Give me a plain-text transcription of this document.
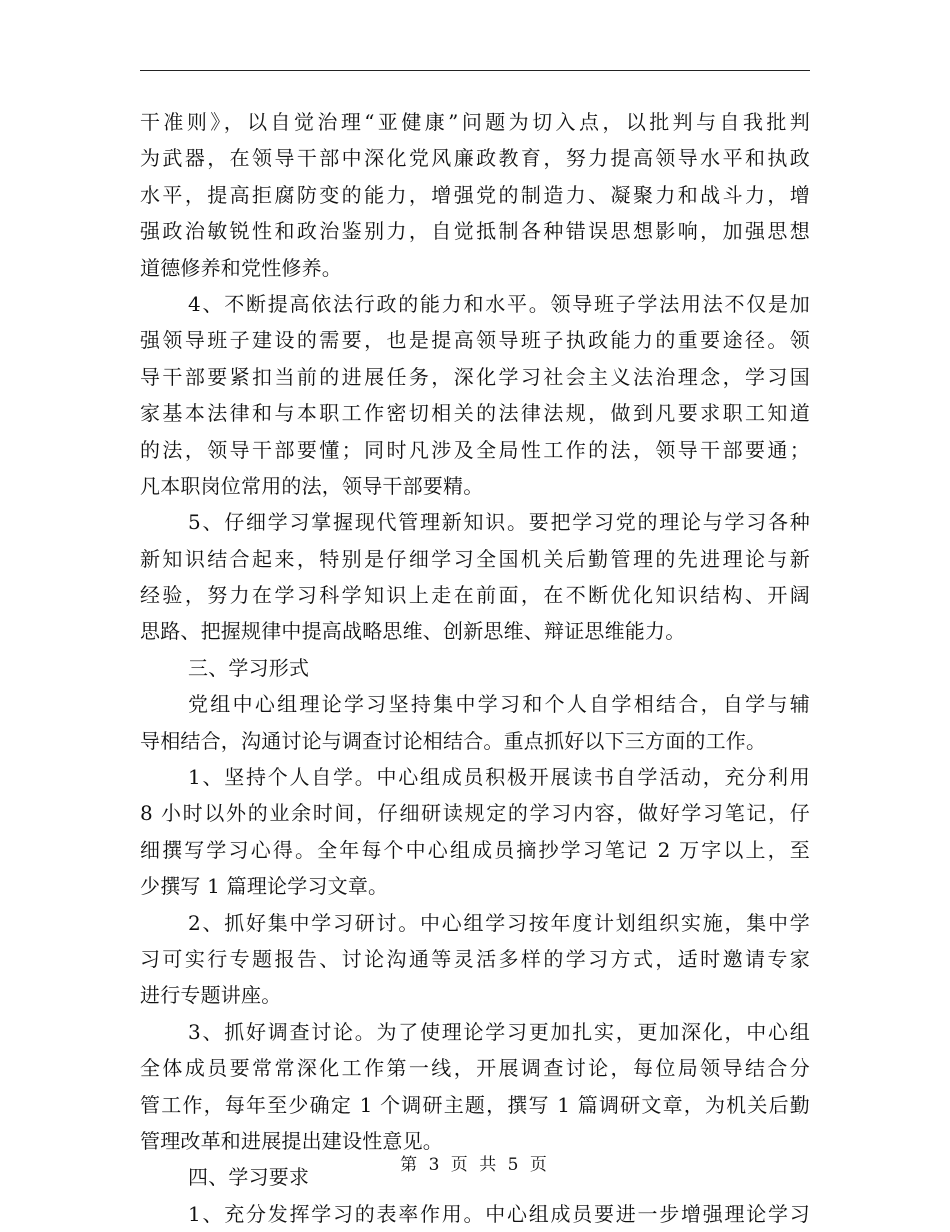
干准则》，以自觉治理“亚健康”问题为切入点，以批判与自我批判
为武器，在领导干部中深化党风廉政教育，努力提高领导水平和执政
水平，提高拒腐防变的能力，增强党的制造力、凝聚力和战斗力，增
强政治敏锐性和政治鉴别力，自觉抵制各种错误思想影响，加强思想
道德修养和党性修养。
4、不断提高依法行政的能力和水平。领导班子学法用法不仅是加
强领导班子建设的需要，也是提高领导班子执政能力的重要途径。领
导干部要紧扣当前的进展任务，深化学习社会主义法治理念，学习国
家基本法律和与本职工作密切相关的法律法规，做到凡要求职工知道
的法，领导干部要懂；同时凡涉及全局性工作的法，领导干部要通；
凡本职岗位常用的法，领导干部要精。
5、仔细学习掌握现代管理新知识。要把学习党的理论与学习各种
新知识结合起来，特别是仔细学习全国机关后勤管理的先进理论与新
经验，努力在学习科学知识上走在前面，在不断优化知识结构、开阔
思路、把握规律中提高战略思维、创新思维、辩证思维能力。
三、学习形式
党组中心组理论学习坚持集中学习和个人自学相结合，自学与辅
导相结合，沟通讨论与调查讨论相结合。重点抓好以下三方面的工作。
1、坚持个人自学。中心组成员积极开展读书自学活动，充分利用
8 小时以外的业余时间，仔细研读规定的学习内容，做好学习笔记，仔
细撰写学习心得。全年每个中心组成员摘抄学习笔记 2 万字以上，至
少撰写 1 篇理论学习文章。
2、抓好集中学习研讨。中心组学习按年度计划组织实施，集中学
习可实行专题报告、讨论沟通等灵活多样的学习方式，适时邀请专家
进行专题讲座。
3、抓好调查讨论。为了使理论学习更加扎实，更加深化，中心组
全体成员要常常深化工作第一线，开展调查讨论，每位局领导结合分
管工作，每年至少确定 1 个调研主题，撰写 1 篇调研文章，为机关后勤
管理改革和进展提出建设性意见。
四、学习要求
1、充分发挥学习的表率作用。中心组成员要进一步增强理论学习
第 3 页 共 5 页
